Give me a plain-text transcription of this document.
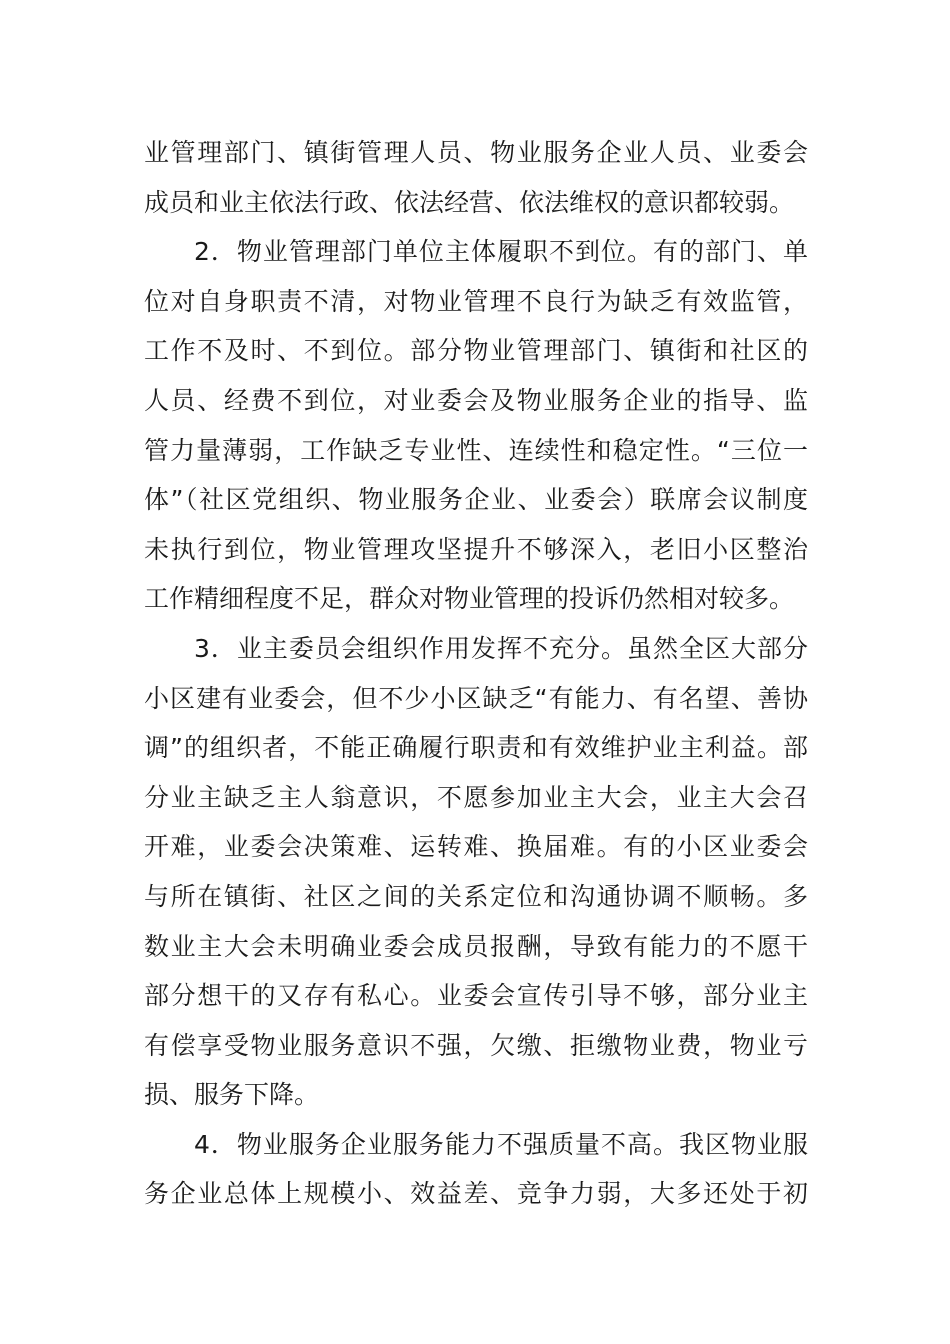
业管理部门、镇街管理人员、物业服务企业人员、业委会
成员和业主依法行政、依法经营、依法维权的意识都较弱。
2．物业管理部门单位主体履职不到位。有的部门、单
位对自身职责不清，对物业管理不良行为缺乏有效监管，
工作不及时、不到位。部分物业管理部门、镇街和社区的
人员、经费不到位，对业委会及物业服务企业的指导、监
管力量薄弱，工作缺乏专业性、连续性和稳定性。“三位一
体”（社区党组织、物业服务企业、业委会）联席会议制度
未执行到位，物业管理攻坚提升不够深入，老旧小区整治
工作精细程度不足，群众对物业管理的投诉仍然相对较多。
3．业主委员会组织作用发挥不充分。虽然全区大部分
小区建有业委会，但不少小区缺乏“有能力、有名望、善协
调”的组织者，不能正确履行职责和有效维护业主利益。部
分业主缺乏主人翁意识，不愿参加业主大会，业主大会召
开难，业委会决策难、运转难、换届难。有的小区业委会
与所在镇街、社区之间的关系定位和沟通协调不顺畅。多
数业主大会未明确业委会成员报酬，导致有能力的不愿干
部分想干的又存有私心。业委会宣传引导不够，部分业主
有偿享受物业服务意识不强，欠缴、拒缴物业费，物业亏
损、服务下降。
4．物业服务企业服务能力不强质量不高。我区物业服
务企业总体上规模小、效益差、竞争力弱，大多还处于初
